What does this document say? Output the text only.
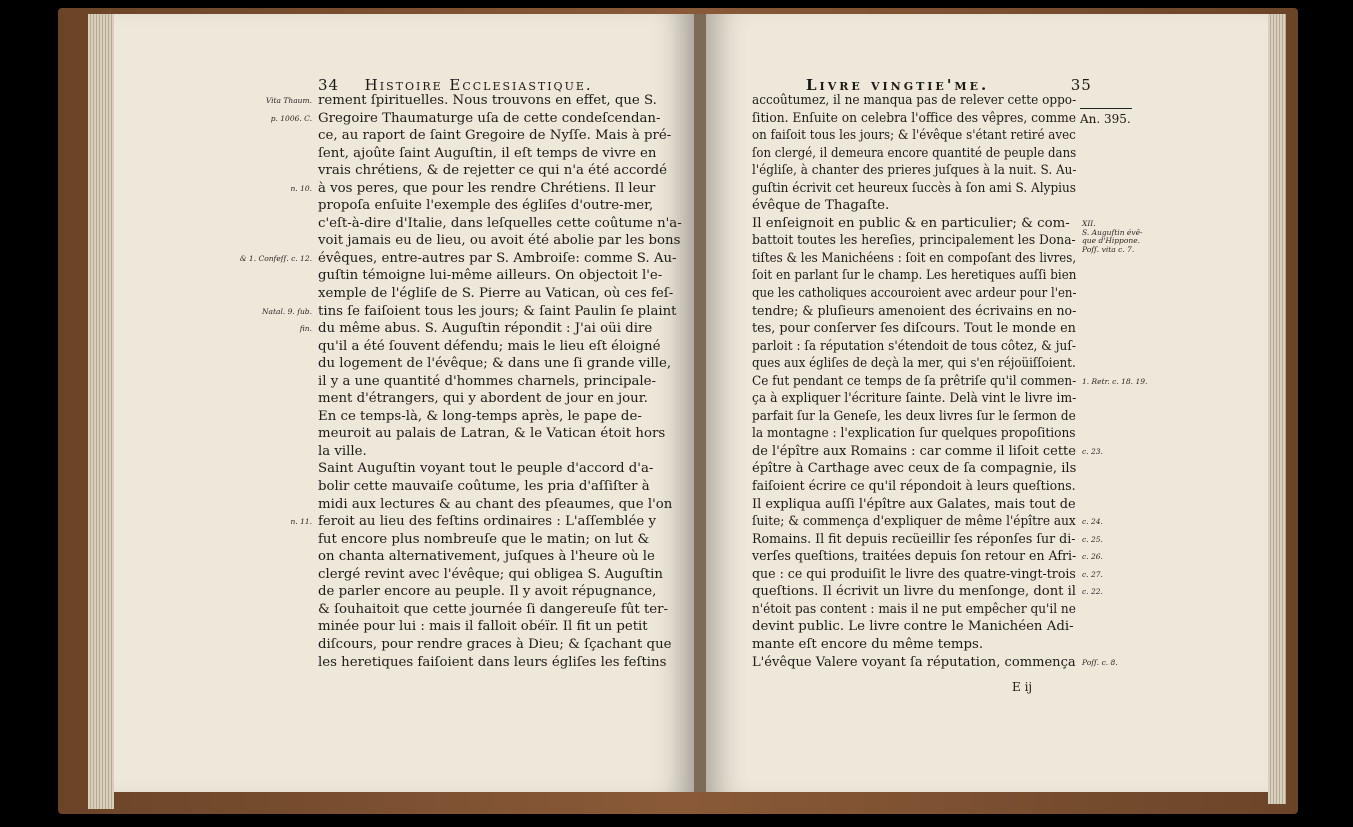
34 Histoire Ecclesiastique.
rement ſpirituelles. Nous trouvons en effet, que S.
Gregoire Thaumaturge uſa de cette condeſcendan-
ce, au raport de ſaint Gregoire de Nyſſe. Mais à pré-
ſent, ajoûte ſaint Auguſtin, il eſt temps de vivre en
vrais chrétiens, & de rejetter ce qui n'a été accordé
à vos peres, que pour les rendre Chrétiens. Il leur
propoſa enſuite l'exemple des égliſes d'outre-mer,
c'eſt-à-dire d'Italie, dans leſquelles cette coûtume n'a-
voit jamais eu de lieu, ou avoit été abolie par les bons
évêques, entre-autres par S. Ambroiſe: comme S. Au-
guſtin témoigne lui-même ailleurs. On objectoit l'e-
xemple de l'égliſe de S. Pierre au Vatican, où ces feſ-
tins ſe faiſoient tous les jours; & ſaint Paulin ſe plaint
du même abus. S. Auguſtin répondit : J'ai oüi dire
qu'il a été ſouvent défendu; mais le lieu eſt éloigné
du logement de l'évêque; & dans une ſi grande ville,
il y a une quantité d'hommes charnels, principale-
ment d'étrangers, qui y abordent de jour en jour.
En ce temps-là, & long-temps après, le pape de-
meuroit au palais de Latran, & le Vatican étoit hors
la ville.
Saint Auguſtin voyant tout le peuple d'accord d'a-
bolir cette mauvaiſe coûtume, les pria d'aſſiſter à
midi aux lectures & au chant des pſeaumes, que l'on
feroit au lieu des feſtins ordinaires : L'aſſemblée y
fut encore plus nombreuſe que le matin; on lut &
on chanta alternativement, juſques à l'heure où le
clergé revint avec l'évêque; qui obligea S. Auguſtin
de parler encore au peuple. Il y avoit répugnance,
& ſouhaitoit que cette journée ſi dangereuſe fût ter-
minée pour lui : mais il falloit obéïr. Il fit un petit
diſcours, pour rendre graces à Dieu; & ſçachant que
les heretiques faiſoient dans leurs égliſes les feſtins
Vita Thaum.
p. 1006. C.
n. 10.
& 1. Confeſſ. c. 12.
Natal. 9. ſub.
fin.
n. 11.
Livre vingtie'me.	35
An. 395.
accoûtumez, il ne manqua pas de relever cette oppo-
ſition. Enſuite on celebra l'office des vêpres, comme
on faiſoit tous les jours; & l'évêque s'étant retiré avec
ſon clergé, il demeura encore quantité de peuple dans
l'égliſe, à chanter des prieres juſques à la nuit. S. Au-
guſtin écrivit cet heureux ſuccès à ſon ami S. Alypius
évêque de Thagaſte.
Il enſeignoit en public & en particulier; & com-
battoit toutes les hereſies, principalement les Dona-
tiſtes & les Manichéens : ſoit en compoſant des livres,
ſoit en parlant ſur le champ. Les heretiques auſſi bien
que les catholiques accouroient avec ardeur pour l'en-
tendre; & pluſieurs amenoient des écrivains en no-
tes, pour conſerver ſes diſcours. Tout le monde en
parloit : ſa réputation s'étendoit de tous côtez, & juſ-
ques aux égliſes de deçà la mer, qui s'en réjoüiſſoient.
Ce fut pendant ce temps de ſa prêtriſe qu'il commen-
ça à expliquer l'écriture ſainte. Delà vint le livre im-
parfait ſur la Geneſe, les deux livres ſur le ſermon de
la montagne : l'explication ſur quelques propoſitions
de l'épître aux Romains : car comme il liſoit cette
épître à Carthage avec ceux de ſa compagnie, ils
faiſoient écrire ce qu'il répondoit à leurs queſtions.
Il expliqua auſſi l'épître aux Galates, mais tout de
ſuite; & commença d'expliquer de même l'épître aux
Romains. Il fit depuis recüeillir ſes réponſes ſur di-
verſes queſtions, traitées depuis ſon retour en Afri-
que : ce qui produiſit le livre des quatre-vingt-trois
queſtions. Il écrivit un livre du menſonge, dont il
n'étoit pas content : mais il ne put empêcher qu'il ne
devint public. Le livre contre le Manichéen Adi-
mante eſt encore du même temps.
L'évêque Valere voyant ſa réputation, commença
XII.
S. Auguſtin évê-
que d'Hippone.
Poſſ. vita c. 7.
1. Retr. c. 18. 19.
c. 23.
c. 24.
c. 25.
c. 26.
c. 27.
c. 22.
Poſſ. c. 8.
E ij
